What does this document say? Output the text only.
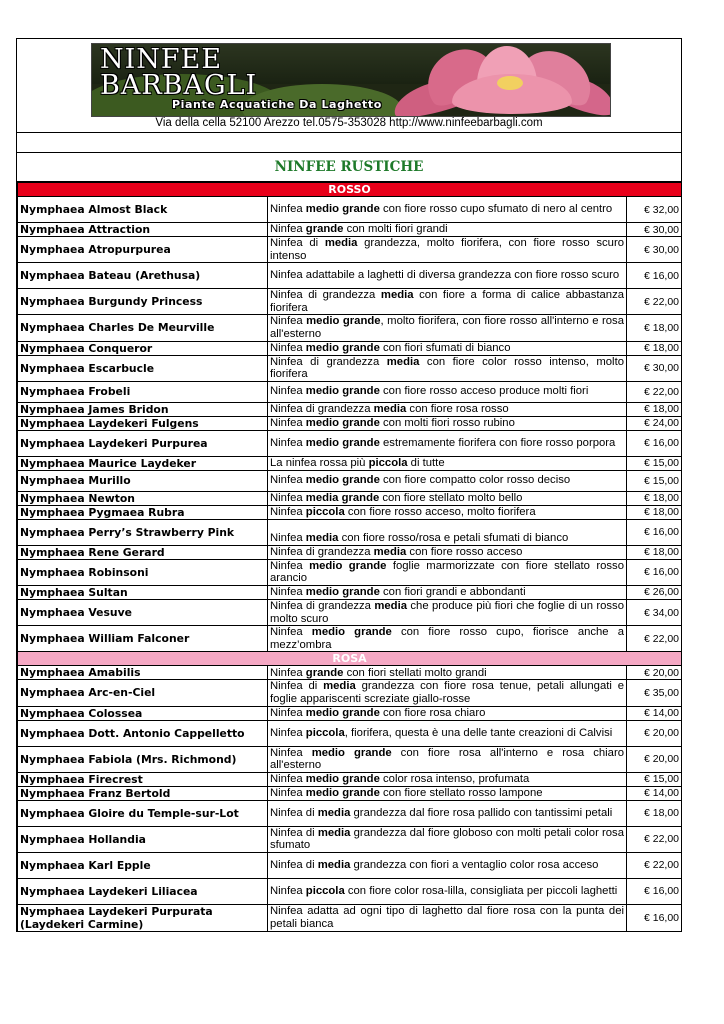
NINFEE
BARBAGLI
Piante Acquatiche Da Laghetto
Via della cella 52100 Arezzo tel.0575-353028 http://www.ninfeebarbagli.com
NINFEE RUSTICHE
ROSSO		
Nymphaea Almost Black	Ninfea medio grande con fiore rosso cupo sfumato di nero al centro	€ 32,00
Nymphaea Attraction	Ninfea grande con molti fiori grandi	€ 30,00
Nymphaea Atropurpurea	Ninfea di media grandezza, molto fiorifera, con fiore rosso scuro intenso	€ 30,00
Nymphaea Bateau (Arethusa)	Ninfea adattabile a laghetti di diversa grandezza con fiore rosso scuro	€ 16,00
Nymphaea Burgundy Princess	Ninfea di grandezza media con fiore a forma di calice abbastanza fiorifera	€ 22,00
Nymphaea Charles De Meurville	Ninfea medio grande, molto fiorifera, con fiore rosso all'interno e rosa all'esterno	€ 18,00
Nymphaea Conqueror	Ninfea medio grande con fiori sfumati di bianco	€ 18,00
Nymphaea Escarbucle	Ninfea di grandezza media con fiore color rosso intenso, molto fiorifera	€ 30,00
Nymphaea Frobeli	Ninfea medio grande con fiore rosso acceso produce molti fiori	€ 22,00
Nymphaea James Bridon	Ninfea di grandezza media con fiore rosa rosso	€ 18,00
Nymphaea Laydekeri Fulgens	Ninfea medio grande con molti fiori rosso rubino	€ 24,00
Nymphaea Laydekeri Purpurea	Ninfea medio grande estremamente fiorifera con fiore rosso porpora	€ 16,00
Nymphaea Maurice Laydeker	La ninfea rossa più piccola di tutte	€ 15,00
Nymphaea Murillo	Ninfea medio grande con fiore compatto color rosso deciso	€ 15,00
Nymphaea Newton	Ninfea media grande con fiore stellato molto bello	€ 18,00
Nymphaea Pygmaea Rubra	Ninfea piccola con fiore rosso acceso, molto fiorifera	€ 18,00
Nymphaea Perry’s Strawberry Pink	Ninfea media con fiore rosso/rosa e petali sfumati di bianco	€ 16,00
Nymphaea Rene Gerard	Ninfea di grandezza media con fiore rosso acceso	€ 18,00
Nymphaea Robinsoni	Ninfea medio grande foglie marmorizzate con fiore stellato rosso arancio	€ 16,00
Nymphaea Sultan	Ninfea medio grande con fiori grandi e abbondanti	€ 26,00
Nymphaea Vesuve	Ninfea di grandezza media che produce più fiori che foglie di un rosso molto scuro	€ 34,00
Nymphaea William Falconer	Ninfea medio grande con fiore rosso cupo, fiorisce anche a mezz’ombra	€ 22,00
ROSA		
Nymphaea Amabilis	Ninfea grande con fiori stellati molto grandi	€ 20,00
Nymphaea Arc-en-Ciel	Ninfea di media grandezza con fiore rosa tenue, petali allungati e foglie appariscenti screziate giallo-rosse	€ 35,00
Nymphaea Colossea	Ninfea medio grande con fiore rosa chiaro	€ 14,00
Nymphaea Dott. Antonio Cappelletto	Ninfea piccola, fiorifera, questa è una delle tante creazioni di Calvisi	€ 20,00
Nymphaea Fabiola (Mrs. Richmond)	Ninfea medio grande con fiore rosa all'interno e rosa chiaro all'esterno	€ 20,00
Nymphaea Firecrest	Ninfea medio grande color rosa intenso, profumata	€ 15,00
Nymphaea Franz Bertold	Ninfea medio grande con fiore stellato rosso lampone	€ 14,00
Nymphaea Gloire du Temple-sur-Lot	Ninfea di media grandezza dal fiore rosa pallido con tantissimi petali	€ 18,00
Nymphaea Hollandia	Ninfea di media grandezza dal fiore globoso con molti petali color rosa sfumato	€ 22,00
Nymphaea Karl Epple	Ninfea di media grandezza con fiori a ventaglio color rosa acceso	€ 22,00
Nymphaea Laydekeri Liliacea	Ninfea piccola con fiore color rosa-lilla, consigliata per piccoli laghetti	€ 16,00
Nymphaea Laydekeri Purpurata (Laydekeri Carmine)	Ninfea adatta ad ogni tipo di laghetto dal fiore rosa con la punta dei petali bianca	€ 16,00
